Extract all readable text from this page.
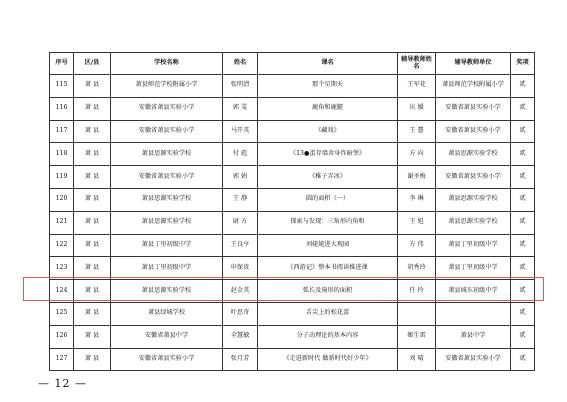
序号	区/县	学校名称	姓名	课名	辅导教师姓名	辅导教师单位	奖项
115	萧 县	萧县师范学校附属小学	张明清	那个星期天	王军花	萧县师范学校附属小学	贰
116	萧 县	安徽省萧县实验小学	郭 雯	鹿角和鹿腿	庆 媛	安徽省萧县实验小学	贰
117	萧 县	安徽省萧县实验小学	马开英	《藏戏》	王 慧	安徽省萧县实验小学	贰
118	萧 县	萧县思源实验学校	付 彪	《13●蛋存墙舍身炸暗堡》	方 向	萧县思源实验学校	贰
119	萧 县	安徽省萧县实验小学	郭 娟	《稚子弄冰》	谢圣梅	安徽省萧县实验小学	贰
120	萧 县	萧县思源实验学校	王 静	圆的面积（一）	李 琳	萧县思源实验学校	贰
121	萧 县	萧县思源实验学校	尉 方	探索与发现：三角形内角和	王 旭	萧县思源实验学校	贰
122	萧 县	萧县丁里初级中学	王良亨	刘姥姥进大观园	方 伟	萧县丁里初级中学	贰
123	萧 县	萧县丁里初级中学	申保贵	《西游记》整本书阅读推进课	胡秀玲	萧县丁里初级中学	贰
124	萧 县	萧县思源实验学校	赵金英	弧长及扇形的面积	任 玲	萧县城东初级中学	贰
125	萧 县	萧县绿城学校	叶思奇	舌尖上的松花蛋			贰
126	萧 县	安徽省萧县中学	全慧敏	分子动理论的基本内容	姬生雷	萧县中学	贰
127	萧 县	安徽省萧县实验小学	张月芳	《走进新时代 做新时代好少年》	刘 晴	安徽省萧县实验小学	贰
— 12 —
